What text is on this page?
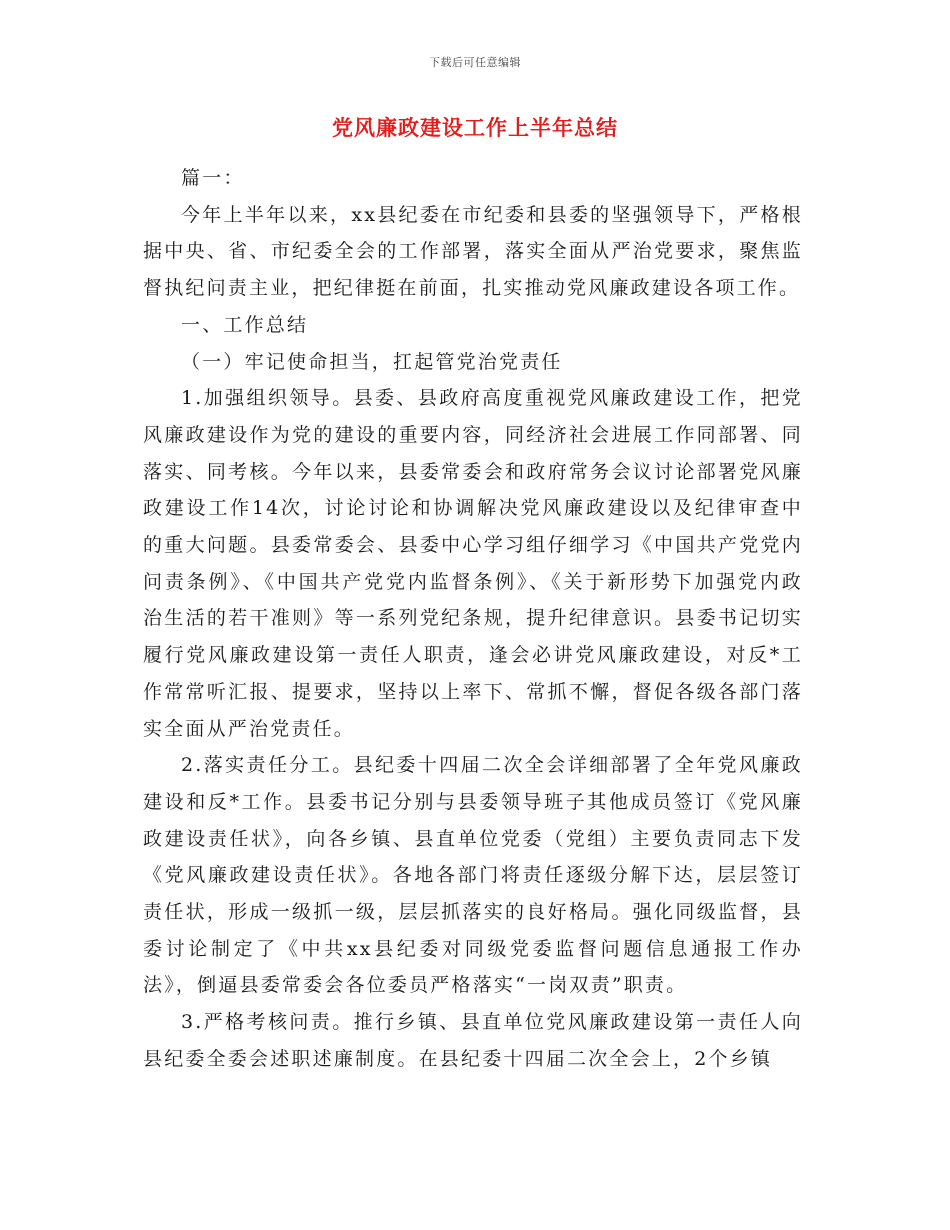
下载后可任意编辑
党风廉政建设工作上半年总结

篇一：

今年上半年以来，xx县纪委在市纪委和县委的坚强领导下，严格根据中央、省、市纪委全会的工作部署，落实全面从严治党要求，聚焦监督执纪问责主业，把纪律挺在前面，扎实推动党风廉政建设各项工作。

一、工作总结

（一）牢记使命担当，扛起管党治党责任

1.加强组织领导。县委、县政府高度重视党风廉政建设工作，把党风廉政建设作为党的建设的重要内容，同经济社会进展工作同部署、同落实、同考核。今年以来，县委常委会和政府常务会议讨论部署党风廉政建设工作14次，讨论讨论和协调解决党风廉政建设以及纪律审查中的重大问题。县委常委会、县委中心学习组仔细学习《中国共产党党内问责条例》、《中国共产党党内监督条例》、《关于新形势下加强党内政治生活的若干准则》等一系列党纪条规，提升纪律意识。县委书记切实履行党风廉政建设第一责任人职责，逢会必讲党风廉政建设，对反*工作常常听汇报、提要求，坚持以上率下、常抓不懈，督促各级各部门落实全面从严治党责任。

2.落实责任分工。县纪委十四届二次全会详细部署了全年党风廉政建设和反*工作。县委书记分别与县委领导班子其他成员签订《党风廉政建设责任状》，向各乡镇、县直单位党委（党组）主要负责同志下发《党风廉政建设责任状》。各地各部门将责任逐级分解下达，层层签订责任状，形成一级抓一级，层层抓落实的良好格局。强化同级监督，县委讨论制定了《中共xx县纪委对同级党委监督问题信息通报工作办法》，倒逼县委常委会各位委员严格落实“一岗双责”职责。

3.严格考核问责。推行乡镇、县直单位党风廉政建设第一责任人向县纪委全委会述职述廉制度。在县纪委十四届二次全会上，2个乡镇
